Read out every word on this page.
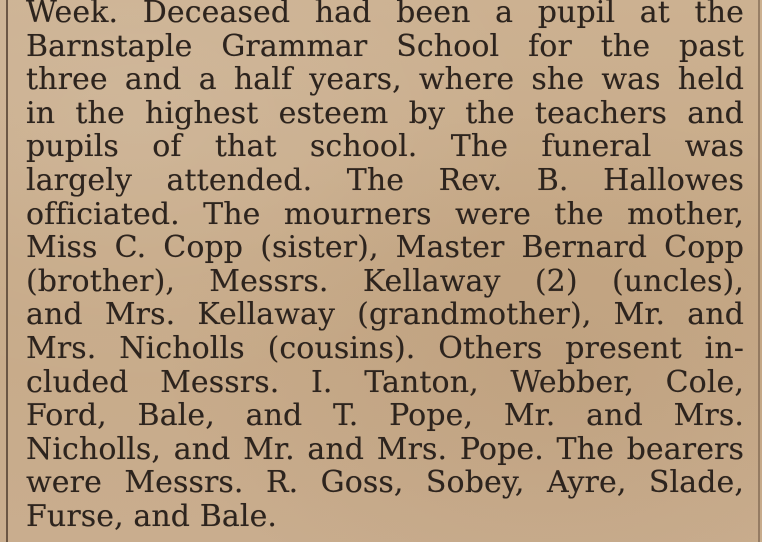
Week. Deceased had been a pupil at the
Barnstaple Grammar School for the past
three and a half years, where she was held
in the highest esteem by the teachers and
pupils of that school. The funeral was
largely attended. The Rev. B. Hallowes
officiated. The mourners were the mother,
Miss C. Copp (sister), Master Bernard Copp
(brother), Messrs. Kellaway (2) (uncles),
and Mrs. Kellaway (grandmother), Mr. and
Mrs. Nicholls (cousins). Others present in-
cluded Messrs. I. Tanton, Webber, Cole,
Ford, Bale, and T. Pope, Mr. and Mrs.
Nicholls, and Mr. and Mrs. Pope. The bearers
were Messrs. R. Goss, Sobey, Ayre, Slade,
Furse, and Bale.
